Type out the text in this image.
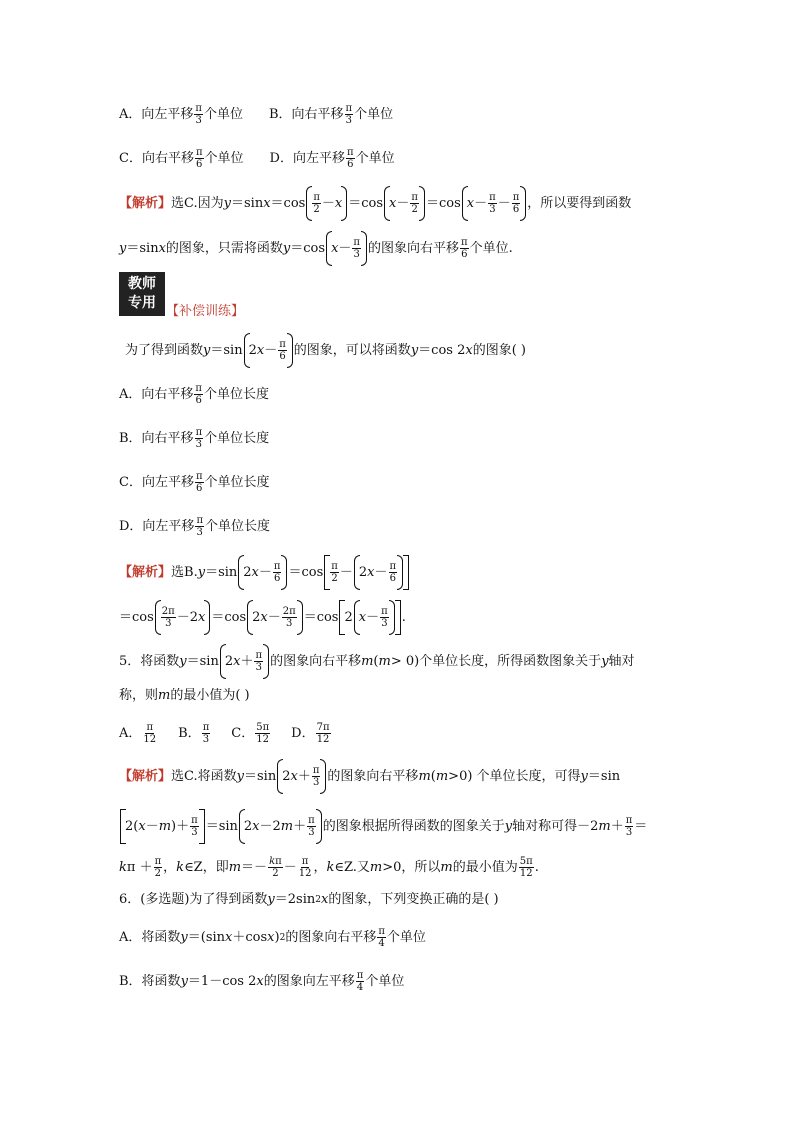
A．向左平移 $\frac{\pi}{3}$ 个单位 B．向右平移 $\frac{\pi}{3}$ 个单位
C．向右平移 $\frac{\pi}{6}$ 个单位 D．向左平移 $\frac{\pi}{6}$ 个单位
【解析】 选C.因为 y ＝sin $x =\cos \frac{\pi}{2} - x =\cos$ $x - \frac{\pi}{2} =\cos$ $x - \frac{\pi}{3} - \frac{\pi}{6}$ ，所以要得到函数
y ＝sin x 的图象，只需将函数 y ＝cos $x - \frac{\pi}{3}$ 的图象向右平移 $\frac{\pi}{6}$ 个单位.
教师
专用
【补偿训练】
为了得到函数 y ＝sin 2 $x - \frac{\pi}{6}$ 的图象，可以将函数 y ＝cos 2 x 的图象( )
A．向右平移 $\frac{\pi}{6}$ 个单位长度
B．向右平移 $\frac{\pi}{3}$ 个单位长度
C．向左平移 $\frac{\pi}{6}$ 个单位长度
D．向左平移 $\frac{\pi}{3}$ 个单位长度
【解析】 选B. y ＝sin 2 $x - \frac{\pi}{6} =\cos \frac{\pi}{2} - 2$ $x - \frac{\pi}{6}$
$=\cos \frac{2\pi}{3} -2$ x ＝cos 2 $x - \frac{2\pi}{3} =\cos$ 2 $x - \frac{\pi}{3}$ .
5．将函数 y ＝sin 2 $x + \frac{\pi}{3}$ 的图象向右平移 m ( m > 0)个单位长度，所得函数图象关于 y 轴对
称，则 m 的最小值为( )
A． $\frac{\pi}{12}$ B． $\frac{\pi}{3}$ C． $\frac{5\pi}{12}$ D． $\frac{7\pi}{12}$
【解析】 选C.将函数 y ＝sin 2 $x + \frac{\pi}{3}$ 的图象向右平移 m ( m >0) 个单位长度，可得 y ＝sin
2( x － m )＋ $\frac{\pi}{3} =\sin$ 2 x －2 $m + \frac{\pi}{3}$ 的图象根据所得函数的图象关于 y 轴对称可得－2 $m + \frac{\pi}{3}$ ＝
k $\pi + \frac{\pi}{2}$ ， k ∈Z，即 $m =- \frac{k\pi}{2} - \frac{\pi}{12}$ ， k ∈Z.又 m >0，所以 m 的最小值为 $\frac{5\pi}{12}$ .
6．(多选题)为了得到函数 y ＝2sin 2 x 的图象，下列变换正确的是( )
A．将函数 y ＝(sin x ＋cos x ) 2 的图象向右平移 $\frac{\pi}{4}$ 个单位
B．将函数 y ＝1－cos 2 x 的图象向左平移 $\frac{\pi}{4}$ 个单位
